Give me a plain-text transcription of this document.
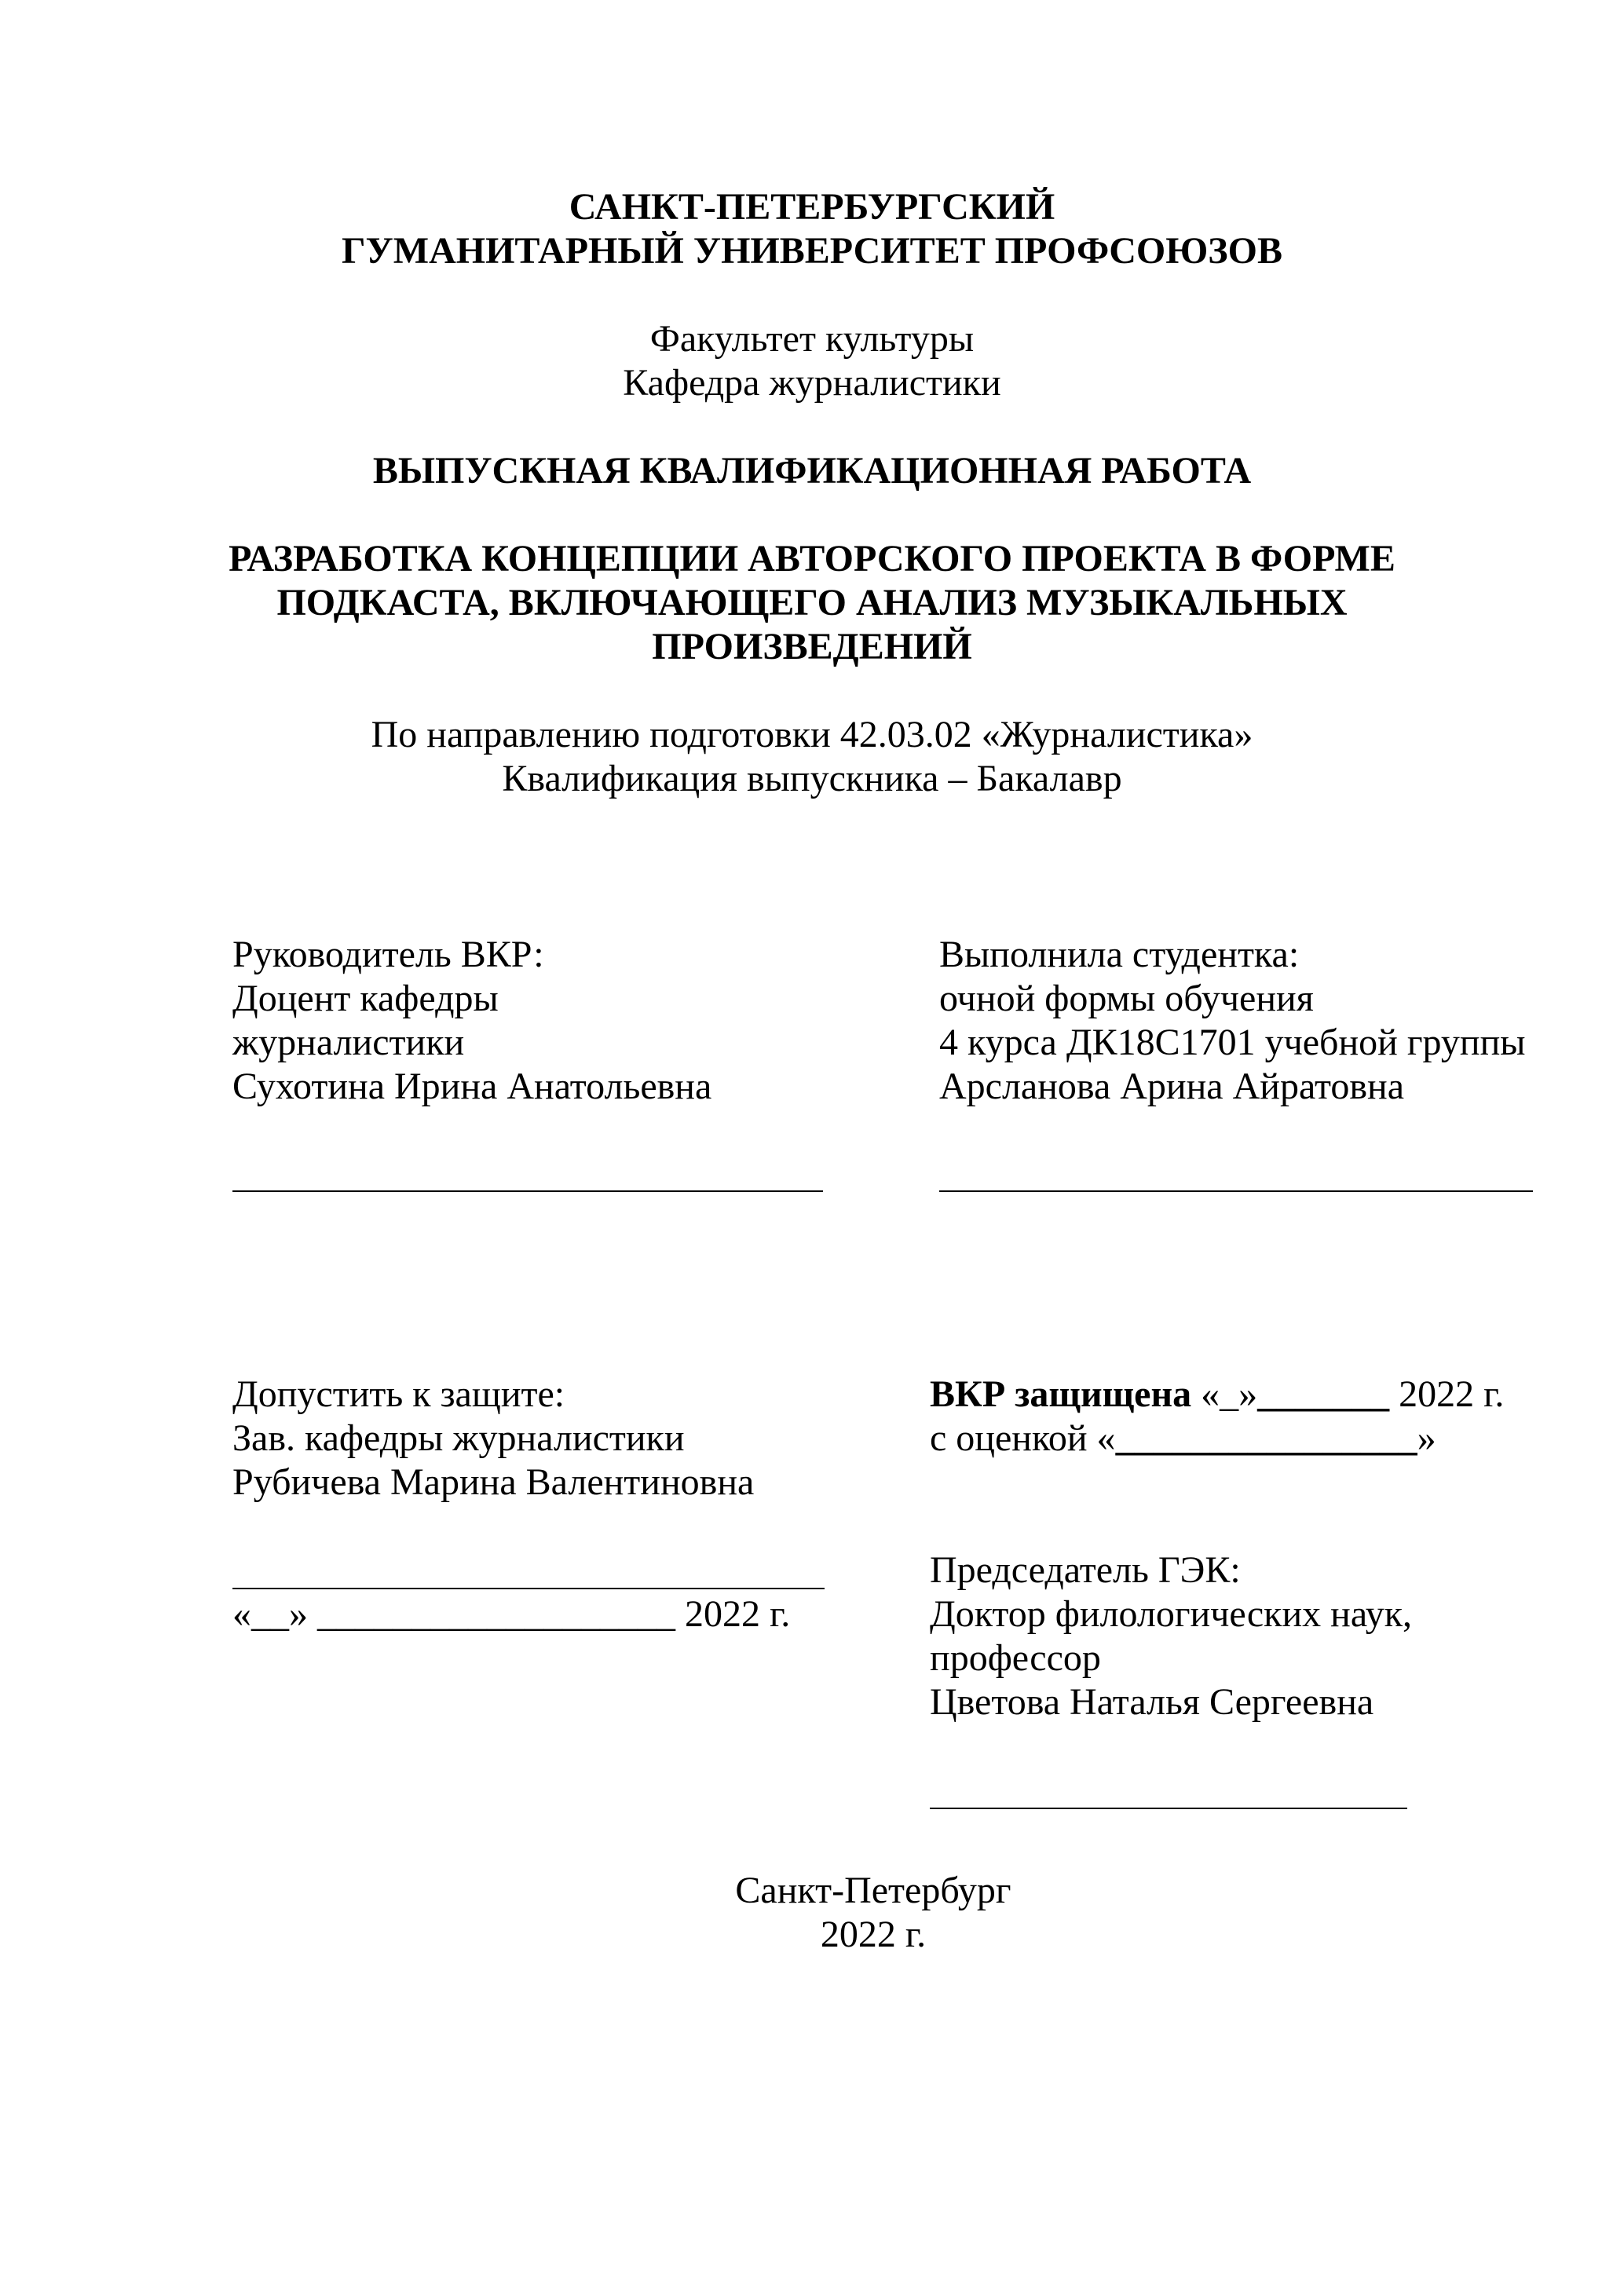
САНКТ-ПЕТЕРБУРГСКИЙ
ГУМАНИТАРНЫЙ УНИВЕРСИТЕТ ПРОФСОЮЗОВ
Факультет культуры
Кафедра журналистики
ВЫПУСКНАЯ КВАЛИФИКАЦИОННАЯ РАБОТА
РАЗРАБОТКА КОНЦЕПЦИИ АВТОРСКОГО ПРОЕКТА В ФОРМЕ
ПОДКАСТА, ВКЛЮЧАЮЩЕГО АНАЛИЗ МУЗЫКАЛЬНЫХ
ПРОИЗВЕДЕНИЙ
По направлению подготовки 42.03.02 «Журналистика»
Квалификация выпускника – Бакалавр
Руководитель ВКР:
Доцент кафедры
журналистики
Сухотина Ирина Анатольевна
Выполнила студентка:
очной формы обучения
4 курса ДК18С1701 учебной группы
Арсланова Арина Айратовна
Допустить к защите:
Зав. кафедры журналистики
Рубичева Марина Валентиновна
«__» ___________________ 2022 г.
ВКР защищена «_»_______ 2022 г.
с оценкой «________________»
Председатель ГЭК:
Доктор филологических наук,
профессор
Цветова Наталья Сергеевна
Санкт-Петербург
2022 г.
